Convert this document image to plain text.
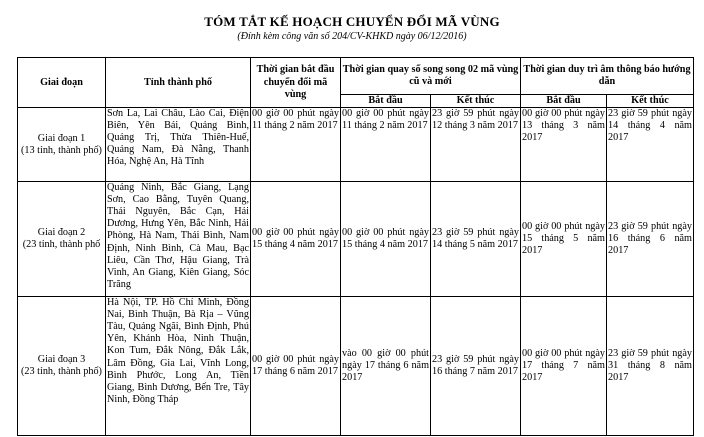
TÓM TẮT KẾ HOẠCH CHUYỂN ĐỔI MÃ VÙNG
(Đính kèm công văn số 204/CV-KHKD ngày 06/12/2016)
Giai đoạn	Tỉnh thành phố	Thời gian bắt đầu chuyển đổi mã vùng	Thời gian quay số song song 02 mã vùng cũ và mới		Thời gian duy trì âm thông báo hướng dẫn	
			Bắt đầu	Kết thúc	Bắt đầu	Kết thúc

Giai đoạn 1
(13 tỉnh, thành phố)	Sơn La, Lai Châu, Lào Cai, Điện Biên, Yên Bái, Quảng Bình, Quảng Trị, Thừa Thiên-Huế, Quảng Nam, Đà Nẵng, Thanh Hóa, Nghệ An, Hà Tĩnh	00 giờ 00 phút ngày 11 tháng 2 năm 2017	00 giờ 00 phút ngày 11 tháng 2 năm 2017	23 giờ 59 phút ngày 12 tháng 3 năm 2017	00 giờ 00 phút ngày 13 tháng 3 năm 2017	23 giờ 59 phút ngày 14 tháng 4 năm 2017

Giai đoạn 2
(23 tỉnh, thành phố	Quảng Ninh, Bắc Giang, Lạng Sơn, Cao Bằng, Tuyên Quang, Thái Nguyên, Bắc Cạn, Hải Dương, Hưng Yên, Bắc Ninh, Hải Phòng, Hà Nam, Thái Bình, Nam Định, Ninh Bình, Cà Mau, Bạc Liêu, Cần Thơ, Hậu Giang, Trà Vinh, An Giang, Kiên Giang, Sóc Trăng	00 giờ 00 phút ngày 15 tháng 4 năm 2017	00 giờ 00 phút ngày 15 tháng 4 năm 2017	23 giờ 59 phút ngày 14 tháng 5 năm 2017	00 giờ 00 phút ngày 15 tháng 5 năm 2017	23 giờ 59 phút ngày 16 tháng 6 năm 2017

Giai đoạn 3
(23 tỉnh, thành phố)	Hà Nội, TP. Hồ Chí Minh, Đồng Nai, Bình Thuận, Bà Rịa – Vũng Tàu, Quảng Ngãi, Bình Định, Phú Yên, Khánh Hòa, Ninh Thuận, Kon Tum, Đắk Nông, Đắk Lắk, Lâm Đồng, Gia Lai, Vĩnh Long, Bình Phước, Long An, Tiền Giang, Bình Dương, Bến Tre, Tây Ninh, Đồng Tháp	00 giờ 00 phút ngày 17 tháng 6 năm 2017	vào 00 giờ 00 phút ngày 17 tháng 6 năm 2017	23 giờ 59 phút ngày 16 tháng 7 năm 2017	00 giờ 00 phút ngày 17 tháng 7 năm 2017	23 giờ 59 phút ngày 31 tháng 8 năm 2017
